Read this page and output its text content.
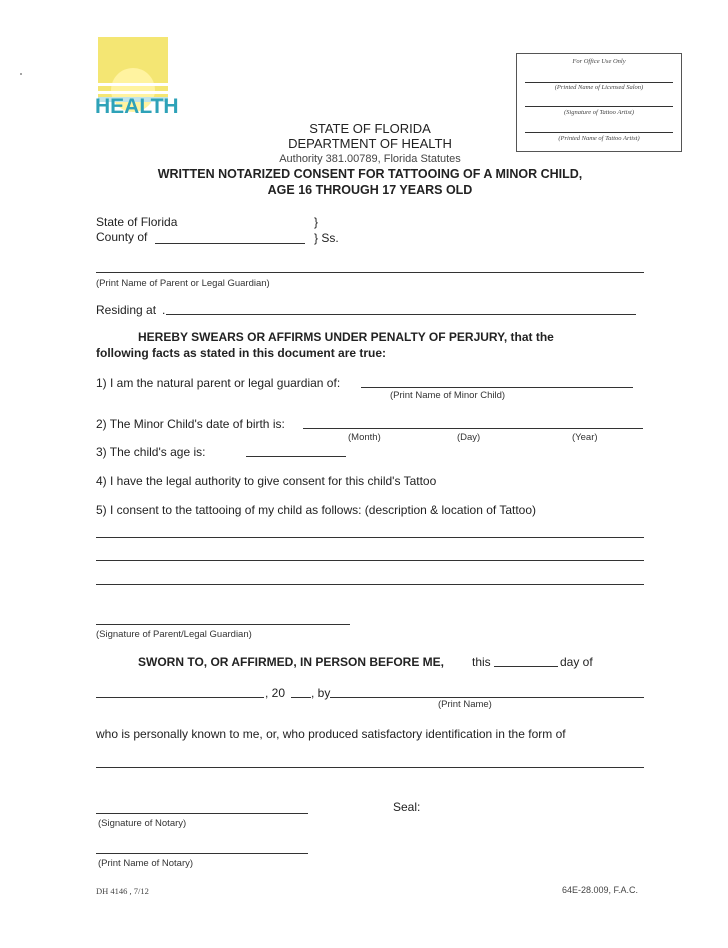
HEALTH
For Office Use Only
(Printed Name of Licensed Salon)
(Signature of Tattoo Artist)
(Printed Name of Tattoo Artist)
STATE OF FLORIDA
DEPARTMENT OF HEALTH
Authority 381.00789, Florida Statutes
WRITTEN NOTARIZED CONSENT FOR TATTOOING OF A MINOR CHILD,
AGE 16 THROUGH 17 YEARS OLD
State of Florida	}
County of	} Ss.
(Print Name of Parent or Legal Guardian)
Residing at .
HEREBY SWEARS OR AFFIRMS UNDER PENALTY OF PERJURY, that the
following facts as stated in this document are true:
1) I am the natural parent or legal guardian of:
(Print Name of Minor Child)
2) The Minor Child's date of birth is:
(Month)	(Day)	(Year)
3) The child's age is:
4) I have the legal authority to give consent for this child's Tattoo
5) I consent to the tattooing of my child as follows: (description & location of Tattoo)
(Signature of Parent/Legal Guardian)
SWORN TO, OR AFFIRMED, IN PERSON BEFORE ME, this	day of
, 20 , by
(Print Name)
who is personally known to me, or, who produced satisfactory identification in the form of
Seal:
(Signature of Notary)
(Print Name of Notary)
DH 4146 , 7/12	64E-28.009, F.A.C.
